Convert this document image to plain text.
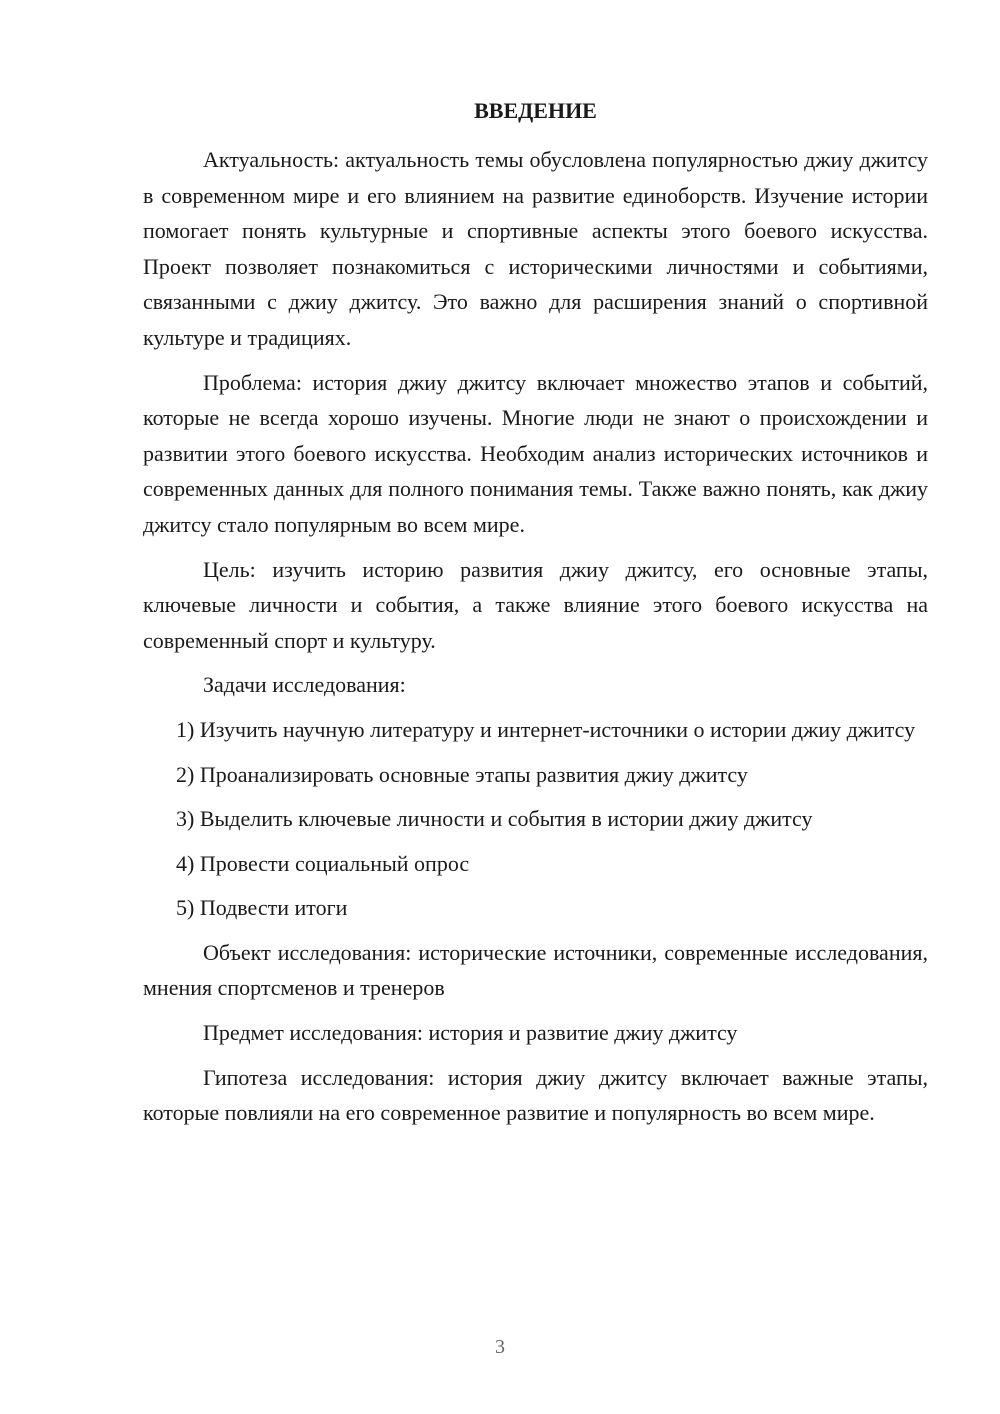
ВВЕДЕНИЕ

Актуальность: актуальность темы обусловлена популярностью джиу джитсу в современном мире и его влиянием на развитие единоборств. Изучение истории помогает понять культурные и спортивные аспекты этого боевого искусства. Проект позволяет познакомиться с историческими личностями и событиями, связанными с джиу джитсу. Это важно для расширения знаний о спортивной культуре и традициях.

Проблема: история джиу джитсу включает множество этапов и событий, которые не всегда хорошо изучены. Многие люди не знают о происхождении и развитии этого боевого искусства. Необходим анализ исторических источников и современных данных для полного понимания темы. Также важно понять, как джиу джитсу стало популярным во всем мире.

Цель: изучить историю развития джиу джитсу, его основные этапы, ключевые личности и события, а также влияние этого боевого искусства на современный спорт и культуру.

Задачи исследования:

1) Изучить научную литературу и интернет-источники о истории джиу джитсу

2) Проанализировать основные этапы развития джиу джитсу

3) Выделить ключевые личности и события в истории джиу джитсу

4) Провести социальный опрос

5) Подвести итоги

Объект исследования: исторические источники, современные исследования, мнения спортсменов и тренеров

Предмет исследования: история и развитие джиу джитсу

Гипотеза исследования: история джиу джитсу включает важные этапы, которые повлияли на его современное развитие и популярность во всем мире.

3
